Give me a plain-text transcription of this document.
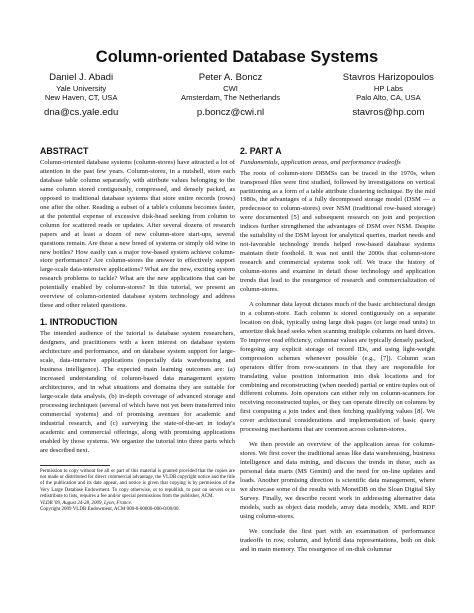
Column-oriented Database Systems
Daniel J. Abadi
Yale University
New Haven, CT, USA
dna@cs.yale.edu
Peter A. Boncz
CWI
Amsterdam, The Netherlands
p.boncz@cwi.nl
Stavros Harizopoulos
HP Labs
Palo Alto, CA, USA
stavros@hp.com
ABSTRACT

Column-oriented database systems (column-stores) have attracted a lot of attention in the past few years. Column-stores, in a nutshell, store each database table column separately, with attribute values belonging to the same column stored contiguously, compressed, and densely packed, as opposed to traditional database systems that store entire records (rows) one after the other. Reading a subset of a table's columns becomes faster, at the potential expense of excessive disk-head seeking from column to column for scattered reads or updates. After several dozens of research papers and at least a dozen of new column-store start-ups, several questions remain. Are these a new breed of systems or simply old wine in new bottles? How easily can a major row-based system achieve column-store performance? Are column-stores the answer to effectively support large-scale data-intensive applications? What are the new, exciting system research problems to tackle? What are the new applications that can be potentially enabled by column-stores? In this tutorial, we present an overview of column-oriented database system technology and address these and other related questions.

1. INTRODUCTION

The intended audience of the tutorial is database system researchers, designers, and practitioners with a keen interest on database system architecture and performance, and on database system support for large-scale, data-intensive applications (especially data warehousing and business intelligence). The expected main learning outcomes are: (a) increased understanding of column-based data management system architectures, and in what situations and domains they are suitable for large-scale data analysis, (b) in-depth coverage of advanced storage and processing techniques (several of which have not yet been transferred into commercial systems) and of promising avenues for academic and industrial research, and (c) surveying the state-of-the-art in today's academic and commercial offerings, along with promising applications enabled by those systems. We organize the tutorial into three parts which are described next.

Permission to copy without fee all or part of this material is granted provided that the copies are not made or distributed for direct commercial advantage, the VLDB copyright notice and the title of the publication and its date appear, and notice is given that copying is by permission of the Very Large Database Endowment. To copy otherwise, or to republish, to post on servers or to redistribute to lists, requires a fee and/or special permissions from the publisher, ACM.

VLDB '09, August 24-28, 2009, Lyon, France.

Copyright 2009 VLDB Endowment, ACM 000-0-00000-000-0/00/00.

2. PART A
Fundamentals, application areas, and performance tradeoffs

The roots of column-store DBMSs can be traced in the 1970s, when transposed files were first studied, followed by investigations on vertical partitioning as a form of a table attribute clustering technique. By the mid 1980s, the advantages of a fully decomposed storage model (DSM — a predecessor to column-stores) over NSM (traditional row-based storage) were documented [5] and subsequent research on join and projection indices further strengthened the advantages of DSM over NSM. Despite the suitability of the DSM layout for analytical queries, market needs and not-favorable technology trends helped row-based database systems maintain their foothold. It was not until the 2000s that column-store research and commercial systems took off. We trace the history of column-stores and examine in detail those technology and application trends that lead to the resurgence of research and commercialization of column-stores.

A columnar data layout dictates much of the basic architectural design in a column-store. Each column is stored contiguously on a separate location on disk, typically using large disk pages (or large read units) to amortize disk head seeks when scanning multiple columns on hard drives. To improve read efficiency, columnar values are typically densely packed, foregoing any explicit storage of record IDs, and using light-weight compression schemes whenever possible (e.g., [7]). Column scan operators differ from row-scanners in that they are responsible for translating value position information into disk locations and for combining and reconstructing (when needed) partial or entire tuples out of different columns. Join operators can either rely on column-scanners for receiving reconstructed tuples, or they can operate directly on columns by first computing a join index and then fetching qualifying values [8]. We cover architectural considerations and implementation of basic query processing mechanisms that are common across column-stores.

We then provide an overview of the application areas for column-stores. We first cover the traditional areas like data warehousing, business intelligence and data mining, and discuss the trends in these, such as personal data marts (MS Gemini) and the need for on-line updates and loads. Another promising direction is scientific data management, where we showcase some of the results with MonetDB on the Sloan Digital Sky Survey. Finally, we describe recent work in addressing alternative data models, such as object data models, array data models, XML and RDF using column-stores.

We conclude the first part with an examination of performance tradeoffs in row, column, and hybrid data representations, both on disk and in main memory. The resurgence of on-disk columnar
